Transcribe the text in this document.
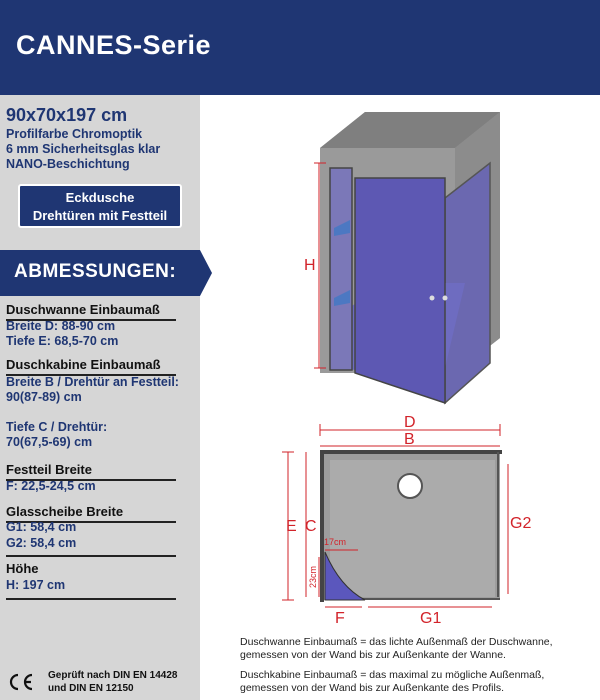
CANNES-Serie
90x70x197 cm
Profilfarbe Chromoptik
6 mm Sicherheitsglas klar
NANO-Beschichtung
Eckdusche
Drehtüren mit Festteil
ABMESSUNGEN:
Duschwanne Einbaumaß
Breite D: 88-90 cm
Tiefe E: 68,5-70 cm
Duschkabine Einbaumaß
Breite B / Drehtür an Festteil:
90(87-89) cm
Tiefe C / Drehtür:
70(67,5-69) cm
Festteil Breite
F: 22,5-24,5 cm
Glasscheibe Breite
G1: 58,4 cm
G2: 58,4 cm
Höhe
H: 197 cm
Geprüft nach DIN EN 14428
und DIN EN 12150
H
D
B
E C	G2
17cm
23cm
F	G1
Duschwanne Einbaumaß = das lichte Außenmaß der Duschwanne,
gemessen von der Wand bis zur Außenkante der Wanne.
Duschkabine Einbaumaß = das maximal zu mögliche Außenmaß,
gemessen von der Wand bis zur Außenkante des Profils.
